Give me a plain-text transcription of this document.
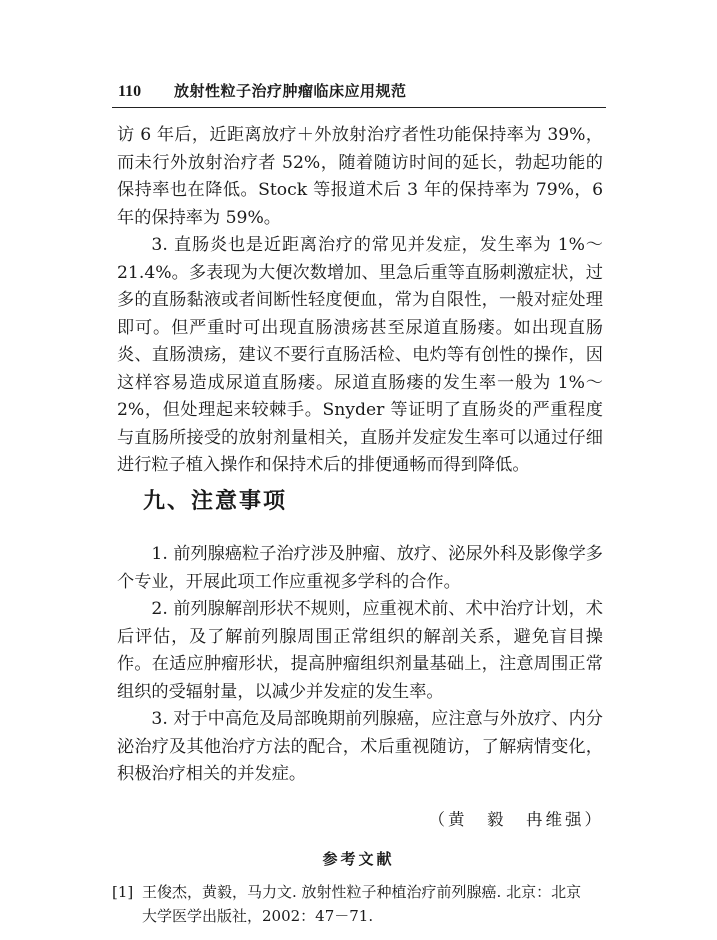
110	放射性粒子治疗肿瘤临床应用规范

访 6 年后，近距离放疗＋外放射治疗者性功能保持率为 39%，而未行外放射治疗者 52%，随着随访时间的延长，勃起功能的保持率也在降低。Stock 等报道术后 3 年的保持率为 79%，6 年的保持率为 59%。

3. 直肠炎也是近距离治疗的常见并发症，发生率为 1%～21.4%。多表现为大便次数增加、里急后重等直肠刺激症状，过多的直肠黏液或者间断性轻度便血，常为自限性，一般对症处理即可。但严重时可出现直肠溃疡甚至尿道直肠瘘。如出现直肠炎、直肠溃疡，建议不要行直肠活检、电灼等有创性的操作，因这样容易造成尿道直肠瘘。尿道直肠瘘的发生率一般为 1%～2%，但处理起来较棘手。Snyder 等证明了直肠炎的严重程度与直肠所接受的放射剂量相关，直肠并发症发生率可以通过仔细进行粒子植入操作和保持术后的排便通畅而得到降低。

九、注意事项

1. 前列腺癌粒子治疗涉及肿瘤、放疗、泌尿外科及影像学多个专业，开展此项工作应重视多学科的合作。

2. 前列腺解剖形状不规则，应重视术前、术中治疗计划，术后评估，及了解前列腺周围正常组织的解剖关系，避免盲目操作。在适应肿瘤形状，提高肿瘤组织剂量基础上，注意周围正常组织的受辐射量，以减少并发症的发生率。

3. 对于中高危及局部晚期前列腺癌，应注意与外放疗、内分泌治疗及其他治疗方法的配合，术后重视随访，了解病情变化，积极治疗相关的并发症。

（黄　毅　冉维强）
参考文献
[1] 王俊杰，黄毅，马力文. 放射性粒子种植治疗前列腺癌. 北京：北京
大学医学出版社，2002：47－71.
